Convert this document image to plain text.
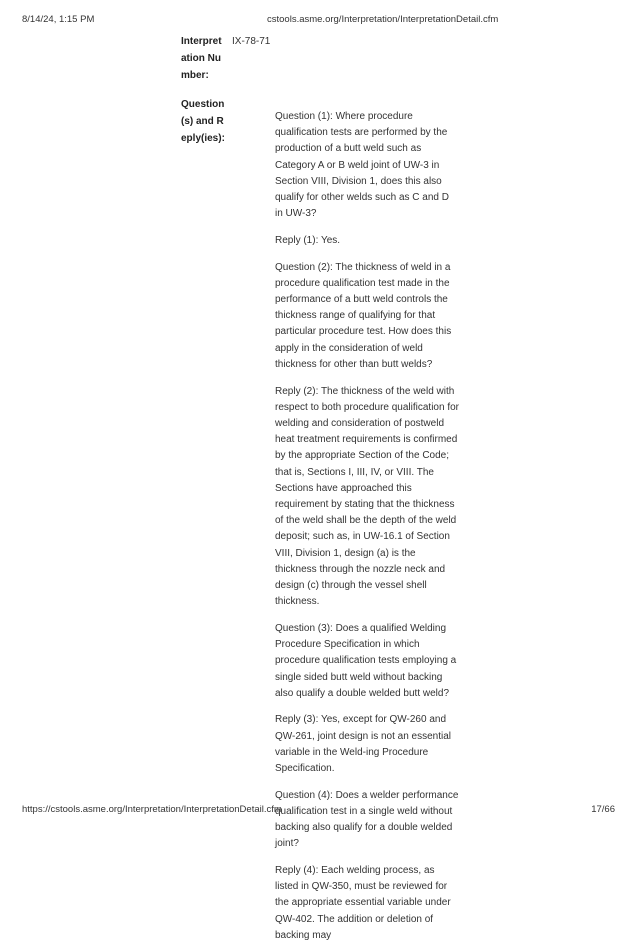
8/14/24, 1:15 PM	cstools.asme.org/Interpretation/InterpretationDetail.cfm
Interpretation Number:
IX-78-71
Question(s) and Reply(ies):

Question (1): Where procedure qualification tests are performed by the production of a butt weld such as Category A or B weld joint of UW-3 in Section VIII, Division 1, does this also qualify for other welds such as C and D in UW-3?

Reply (1): Yes.

Question (2): The thickness of weld in a procedure qualification test made in the performance of a butt weld controls the thickness range of qualifying for that particular procedure test. How does this apply in the consideration of weld thickness for other than butt welds?

Reply (2): The thickness of the weld with respect to both procedure qualification for welding and consideration of postweld heat treatment requirements is confirmed by the appropriate Section of the Code; that is, Sections I, III, IV, or VIII. The Sections have approached this requirement by stating that the thickness of the weld shall be the depth of the weld deposit; such as, in UW-16.1 of Section VIII, Division 1, design (a) is the thickness through the nozzle neck and design (c) through the vessel shell thickness.

Question (3): Does a qualified Welding Procedure Specification in which procedure qualification tests employing a single sided butt weld without backing also qualify a double welded butt weld?

Reply (3): Yes, except for QW-260 and QW-261, joint design is not an essential variable in the Weld-ing Procedure Specification.

Question (4): Does a welder performance qualification test in a single weld without backing also qualify for a double welded joint?

Reply (4): Each welding process, as listed in QW-350, must be reviewed for the appropriate essential variable under QW-402. The addition or deletion of backing may

https://cstools.asme.org/Interpretation/InterpretationDetail.cfm	17/66
